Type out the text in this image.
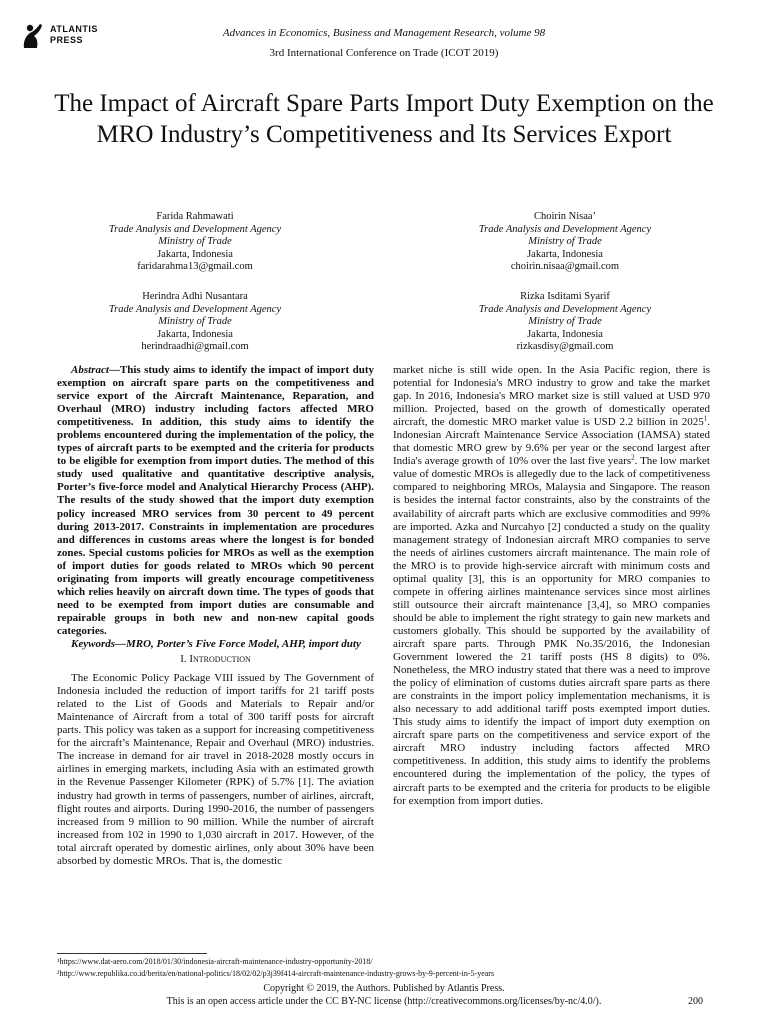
ATLANTIS
PRESS
Advances in Economics, Business and Management Research, volume 98
3rd International Conference on Trade (ICOT 2019)
The Impact of Aircraft Spare Parts Import Duty Exemption on the MRO Industry’s Competitiveness and Its Services Export
Farida Rahmawati
Trade Analysis and Development Agency
Ministry of Trade
Jakarta, Indonesia
faridarahma13@gmail.com
Choirin Nisaa’
Trade Analysis and Development Agency
Ministry of Trade
Jakarta, Indonesia
choirin.nisaa@gmail.com
Herindra Adhi Nusantara
Trade Analysis and Development Agency
Ministry of Trade
Jakarta, Indonesia
herindraadhi@gmail.com
Rizka Isditami Syarif
Trade Analysis and Development Agency
Ministry of Trade
Jakarta, Indonesia
rizkasdisy@gmail.com

Abstract—This study aims to identify the impact of import duty exemption on aircraft spare parts on the competitiveness and service export of the Aircraft Maintenance, Reparation, and Overhaul (MRO) industry including factors affected MRO competitiveness. In addition, this study aims to identify the problems encountered during the implementation of the policy, the types of aircraft parts to be exempted and the criteria for products to be eligible for exemption from import duties. The method of this study used qualitative and quantitative descriptive analysis, Porter’s five-force model and Analytical Hierarchy Process (AHP). The results of the study showed that the import duty exemption policy increased MRO services from 30 percent to 49 percent during 2013-2017. Constraints in implementation are procedures and differences in customs areas where the longest is for bonded zones. Special customs policies for MROs as well as the exemption of import duties for goods related to MROs which 90 percent originating from imports will greatly encourage competitiveness which relies heavily on aircraft down time. The types of goods that need to be exempted from import duties are consumable and repairable groups in both new and non-new capital goods categories.

Keywords—MRO, Porter’s Five Force Model, AHP, import duty

I. Introduction

The Economic Policy Package VIII issued by The Government of Indonesia included the reduction of import tariffs for 21 tariff posts related to the List of Goods and Materials to Repair and/or Maintenance of Aircraft from a total of 300 tariff posts for aircraft parts. This policy was taken as a support for increasing competitiveness for the aircraft’s Maintenance, Repair and Overhaul (MRO) industries. The increase in demand for air travel in 2018-2028 mostly occurs in airlines in emerging markets, including Asia with an estimated growth in the Revenue Passenger Kilometer (RPK) of 5.7% [1]. The aviation industry had growth in terms of passengers, number of airlines, aircraft, flight routes and airports. During 1990-2016, the number of passengers increased from 9 million to 90 million. While the number of aircraft increased from 102 in 1990 to 1,030 aircraft in 2017. However, of the total aircraft operated by domestic airlines, only about 30% have been absorbed by domestic MROs. That is, the domestic

market niche is still wide open. In the Asia Pacific region, there is potential for Indonesia's MRO industry to grow and take the market gap. In 2016, Indonesia's MRO market size is still valued at USD 970 million. Projected, based on the growth of domestically operated aircraft, the domestic MRO market value is USD 2.2 billion in 2025$^1$. Indonesian Aircraft Maintenance Service Association (IAMSA) stated that domestic MRO grew by 9.6% per year or the second largest after India's average growth of 10% over the last five years$^2$. The low market value of domestic MROs is allegedly due to the lack of competitiveness compared to neighboring MROs, Malaysia and Singapore. The reason is besides the internal factor constraints, also by the constraints of the availability of aircraft parts which are exclusive commodities and 99% are imported. Azka and Nurcahyo [2] conducted a study on the quality management strategy of Indonesian aircraft MRO companies to serve the needs of airlines customers aircraft maintenance. The main role of the MRO is to provide high-service aircraft with minimum costs and optimal quality [3], this is an opportunity for MRO companies to compete in offering airlines maintenance services since most airlines still outsource their aircraft maintenance [3,4], so MRO companies should be able to implement the right strategy to gain new markets and customers globally. This should be supported by the availability of aircraft spare parts. Through PMK No.35/2016, the Indonesian Government lowered the 21 tariff posts (HS 8 digits) to 0%. Nonetheless, the MRO industry stated that there was a need to improve the policy of elimination of customs duties aircraft spare parts as there are constraints in the import policy implementation mechanisms, it is also necessary to add additional tariff posts exempted import duties. This study aims to identify the impact of import duty exemption on aircraft spare parts on the competitiveness and service export of the aircraft MRO industry including factors affected MRO competitiveness. In addition, this study aims to identify the problems encountered during the implementation of the policy, the types of aircraft parts to be exempted and the criteria for products to be eligible for exemption from import duties.

¹https://www.dat-aero.com/2018/01/30/indonesia-aircraft-maintenance-industry-opportunity-2018/
²http://www.republika.co.id/berita/en/national-politics/18/02/02/p3j39f414-aircraft-maintenance-industry-grows-by-9-percent-in-5-years
Copyright © 2019, the Authors. Published by Atlantis Press.
This is an open access article under the CC BY-NC license (http://creativecommons.org/licenses/by-nc/4.0/).	200
